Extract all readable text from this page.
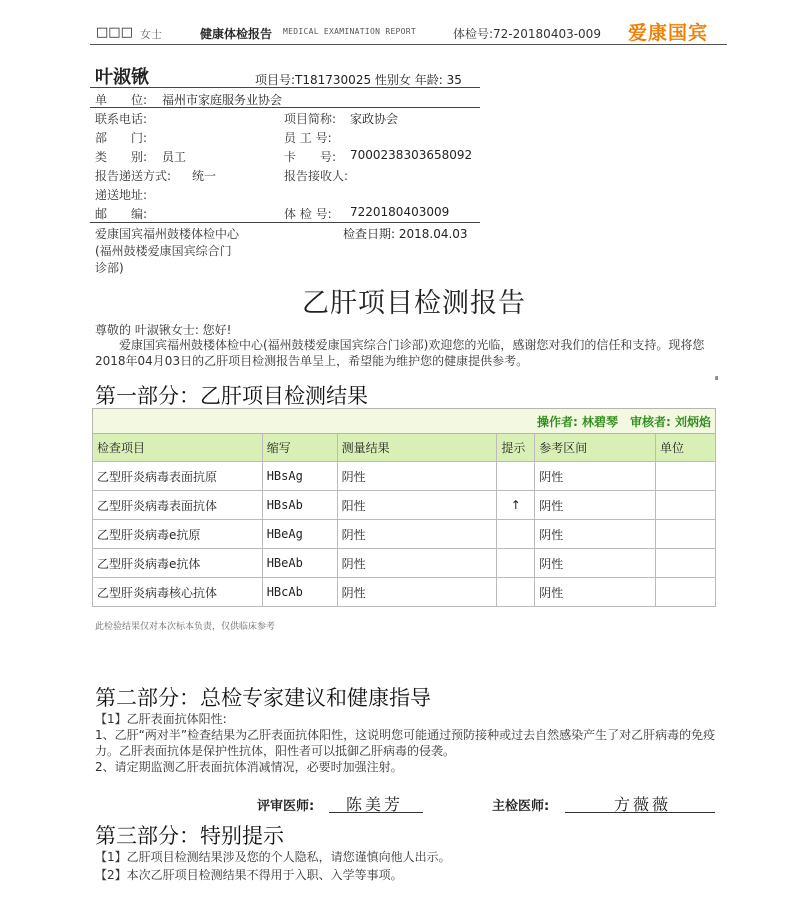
□□□ 女士	健康体检报告 MEDICAL EXAMINATION REPORT	体检号:72-20180403-009 爱康国宾
叶淑锹	项目号:T181730025 性别女 年龄: 35
单　　位: 福州市家庭服务业协会
联系电话:
部　　门:
类　　别: 员工
报告递送方式: 统一
递送地址:
邮　　编:
项目简称: 家政协会
员 工 号:
卡　　号: 7000238303658092
报告接收人:
体 检 号: 7220180403009
爱康国宾福州鼓楼体检中心
(福州鼓楼爱康国宾综合门
诊部)
检查日期: 2018.04.03
乙肝项目检测报告
尊敬的 叶淑锹女士: 您好!
　　爱康国宾福州鼓楼体检中心(福州鼓楼爱康国宾综合门诊部)欢迎您的光临，感谢您对我们的信任和支持。现将您2018年04月03日的乙肝项目检测报告单呈上，希望能为维护您的健康提供参考。
第一部分：乙肝项目检测结果
∎
操作者: 林碧琴　审核者: 刘炳焰					
检查项目	缩写	测量结果	提示	参考区间	单位
乙型肝炎病毒表面抗原	HBsAg	阴性		阴性	
乙型肝炎病毒表面抗体	HBsAb	阳性	↑	阴性	
乙型肝炎病毒e抗原	HBeAg	阴性		阴性	
乙型肝炎病毒e抗体	HBeAb	阴性		阴性	
乙型肝炎病毒核心抗体	HBcAb	阴性		阴性	
此检验结果仅对本次标本负责，仅供临床参考
第二部分：总检专家建议和健康指导
【1】乙肝表面抗体阳性:
1、乙肝“两对半”检查结果为乙肝表面抗体阳性，这说明您可能通过预防接种或过去自然感染产生了对乙肝病毒的免疫力。乙肝表面抗体是保护性抗体，阳性者可以抵御乙肝病毒的侵袭。
2、请定期监测乙肝表面抗体消减情况，必要时加强注射。
评审医师: 陈美芳	主检医师:	方薇薇
第三部分：特别提示
【1】乙肝项目检测结果涉及您的个人隐私，请您谨慎向他人出示。
【2】本次乙肝项目检测结果不得用于入职、入学等事项。
